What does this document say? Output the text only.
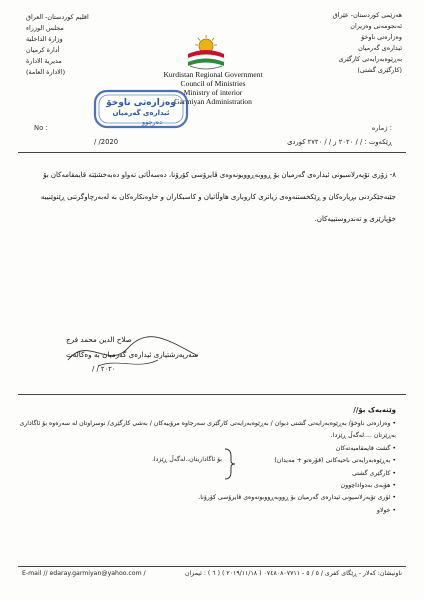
هەرێمی کوردستان- عێراق
ئەنجومەنی وەزیران
وەزارەتی ناوخۆ
ئیدارەی گەرمیان
بەڕێوەبەرایەتی کارگێری
(کارگێری گشتی)
اقليم كوردستان- العراق
مجلس الوزراء
وزارة الداخلية
أدارة كرميان
مديرية الادارة
(الادارة العامة)	Kurdistan Regional Government
Council of Ministries
Ministry of interior
Garmiyan Administration
وەزارەتی ناوخۆ
ئیدارەی گەرمیان
دەرچوو
No :	: ژمارە
/ /2020	ڕێکەوت : / / ٢٠٢٠ ز / / ٢٧٢٠ کوردی
٨- زۆری تۆیەرلاسیونی ئیدارەی گەرمیان بۆ ڕووبەڕووبونەوەی ڤایرۆسی کۆرۆنا، دەسەڵاتی تەواو دەبەخشێتە قایمقامەکان بۆ جێبەجێکردنی بڕیارەکان و ڕێکخستنەوەی زیاتری کاروباری هاوڵاتیان و کاسبکاران و خاوەنکارەکان بە لەبەرچاوگرتنی ڕێنوێنییە خۆپارێزی و تەندروستییەکان.
صلاح الدين محمد فرج
سەرپەرشتیاری ئیدارەی گەرمیان بە وەکالەت
/ / ٢٠٢٠
وێنەیەک بۆ//
• وەزارەتی ناوخۆ/ بەڕێوەبەرایەتی گشتی دیوان / بەڕێوەبەرایەتی کارگێری سەرجاوە مرۆییەکان / بەشی کارگێری/ نوسراوتان لە سەرەوە بۆ ئاگاداری بەڕێزتان ....لەگەڵ ڕێزدا.
• گشت قایمقامیەتەکان
• بەڕێوەبەرایەتی ناحیەکانی (قۆرەتو + مەیدان)
• کارگێری گشتی
• هۆبەی بەدواداچوون
• ئۆری تۆیەرلاسیونی ئیدارەی گەرمیان بۆ ڕووبەڕووبونەوەی ڤایرۆسی کۆرۆنا.
• خولاو
بۆ ئاگاداریتان..لەگەڵ ڕێزدا.
E-mail // edaray.garmiyan@yahoo.com /	ناونیشان: کەلار - ڕێگای کفری / ٥ / ٥ - ٠٧٤٨٠٨٠٧٧١١ ( ٢٠١٩/١١/١٨ ) ( ٦ ) : ئیمزان
